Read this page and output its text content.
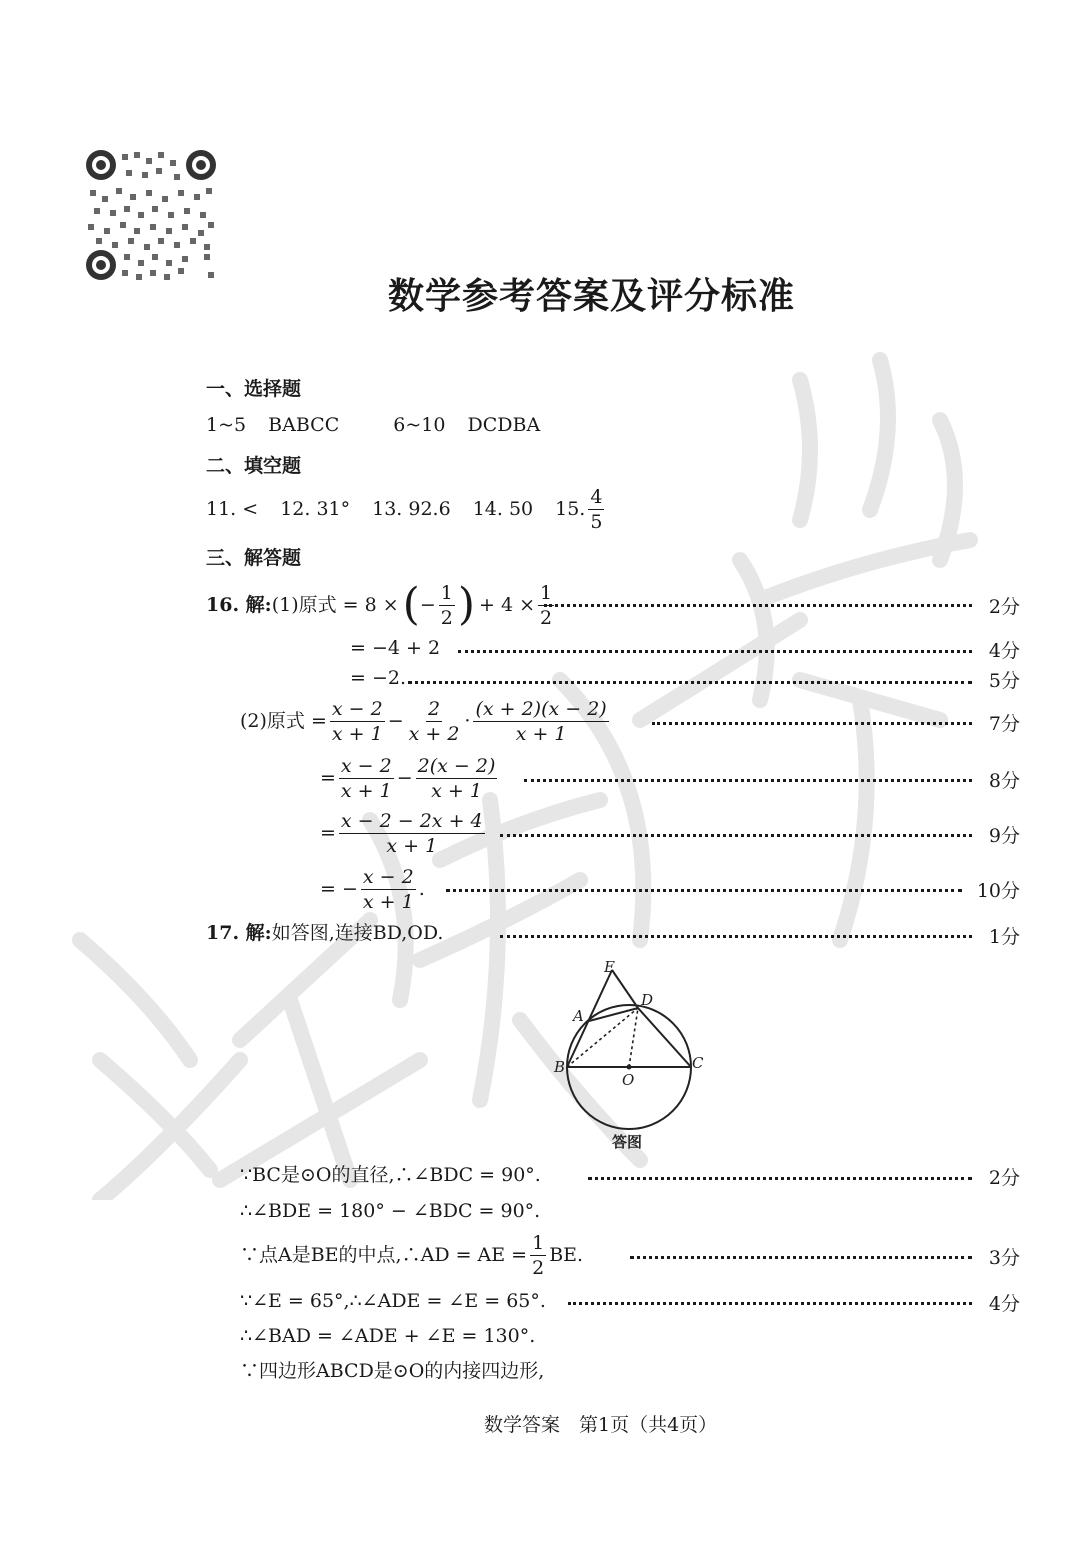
数学参考答案及评分标准
一、选择题
1~5 BABCC	6~10 DCDBA
二、填空题
11. < 12. 31° 13. 92.6 14. 50 15. $\frac{4}{5}$
三、解答题
16. 解: (1)原式 = 8 × ( − $\frac{1}{2}$ ) + $4 \times \frac{1}{2}$	2分
= −4 + 2	4分
= −2.	5分
(2)原式 = $\frac{x - 2}{x + 1} - \frac{2}{x + 2} \cdot \frac{(x + 2)(x - 2)}{x + 1}$	7分
= $\frac{x - 2}{x + 1} - \frac{2(x - 2)}{x + 1}$	8分
= $\frac{x - 2 - 2x + 4}{x + 1}$	9分
= − $\frac{x - 2}{x + 1}$ .	10分
17. 解:如答图,连接BD,OD.	1分
E
D
A
B
O
C
答图
∵BC是⊙O的直径,∴∠BDC = 90°.	2分
∴∠BDE = 180° − ∠BDC = 90°.
∵点A是BE的中点,∴AD = AE = $\frac{1}{2}$ BE.	3分
∵∠E = 65°,∴∠ADE = ∠E = 65°.	4分
∴∠BAD = ∠ADE + ∠E = 130°.
∵四边形ABCD是⊙O的内接四边形,
数学答案　第1页（共4页）
